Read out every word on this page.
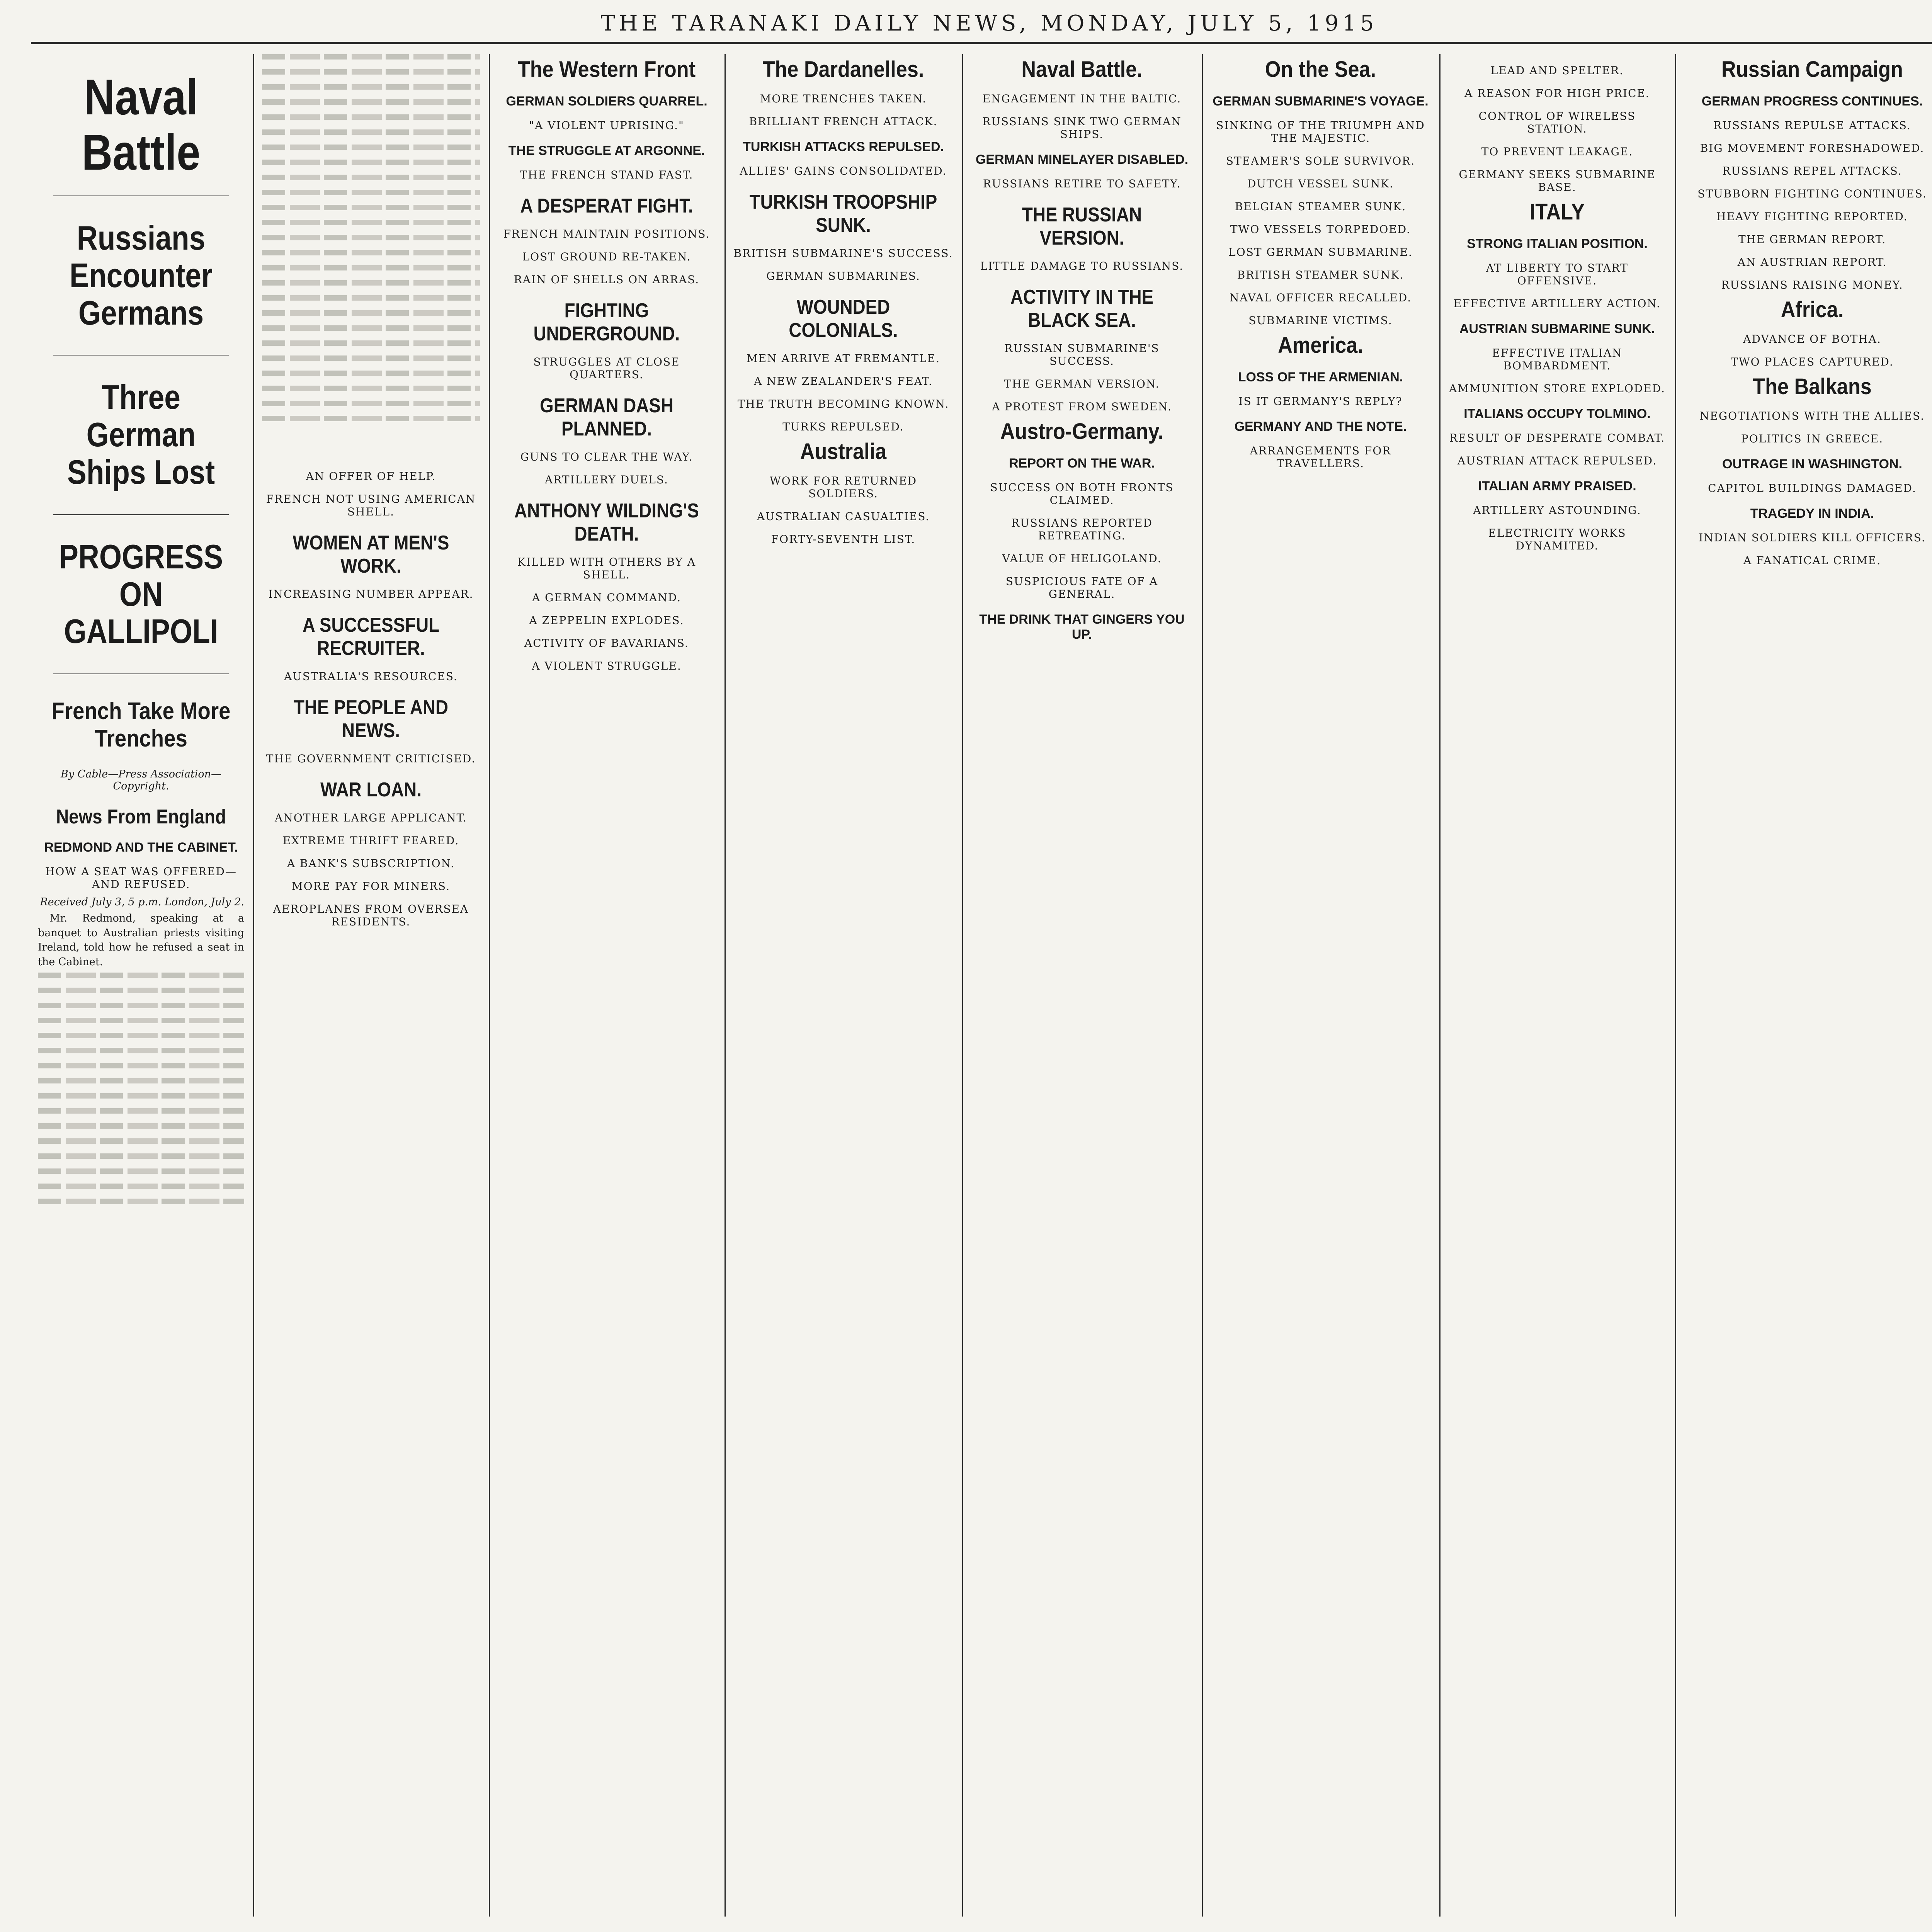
THE TARANAKI DAILY NEWS, MONDAY, JULY 5, 1915
Naval Battle
Russians Encounter Germans
Three German Ships Lost
PROGRESS ON GALLIPOLI
French Take More Trenches
By Cable—Press Association—Copyright.
News From England
REDMOND AND THE CABINET.
HOW A SEAT WAS OFFERED—AND REFUSED.
Received July 3, 5 p.m. London, July 2.
Mr. Redmond, speaking at a banquet to Australian priests visiting Ireland, told how he refused a seat in the Cabinet.
AN OFFER OF HELP.
FRENCH NOT USING AMERICAN SHELL.
WOMEN AT MEN'S WORK.
INCREASING NUMBER APPEAR.
A SUCCESSFUL RECRUITER.
AUSTRALIA'S RESOURCES.
THE PEOPLE AND NEWS.
THE GOVERNMENT CRITICISED.
WAR LOAN.
ANOTHER LARGE APPLICANT.
EXTREME THRIFT FEARED.
A BANK'S SUBSCRIPTION.
MORE PAY FOR MINERS.
AEROPLANES FROM OVERSEA RESIDENTS.
The Western Front
GERMAN SOLDIERS QUARREL.
"A VIOLENT UPRISING."
THE STRUGGLE AT ARGONNE.
THE FRENCH STAND FAST.
A DESPERAT FIGHT.
FRENCH MAINTAIN POSITIONS.
LOST GROUND RE-TAKEN.
RAIN OF SHELLS ON ARRAS.
FIGHTING UNDERGROUND.
STRUGGLES AT CLOSE QUARTERS.
GERMAN DASH PLANNED.
GUNS TO CLEAR THE WAY.
ARTILLERY DUELS.
ANTHONY WILDING'S DEATH.
KILLED WITH OTHERS BY A SHELL.
A GERMAN COMMAND.
A ZEPPELIN EXPLODES.
ACTIVITY OF BAVARIANS.
A VIOLENT STRUGGLE.
The Dardanelles.
MORE TRENCHES TAKEN.
BRILLIANT FRENCH ATTACK.
TURKISH ATTACKS REPULSED.
ALLIES' GAINS CONSOLIDATED.
TURKISH TROOPSHIP SUNK.
BRITISH SUBMARINE'S SUCCESS.
GERMAN SUBMARINES.
WOUNDED COLONIALS.
MEN ARRIVE AT FREMANTLE.
A NEW ZEALANDER'S FEAT.
THE TRUTH BECOMING KNOWN.
TURKS REPULSED.
Australia
WORK FOR RETURNED SOLDIERS.
AUSTRALIAN CASUALTIES.
FORTY-SEVENTH LIST.
Naval Battle.
ENGAGEMENT IN THE BALTIC.
RUSSIANS SINK TWO GERMAN SHIPS.
GERMAN MINELAYER DISABLED.
RUSSIANS RETIRE TO SAFETY.
THE RUSSIAN VERSION.
LITTLE DAMAGE TO RUSSIANS.
ACTIVITY IN THE BLACK SEA.
RUSSIAN SUBMARINE'S SUCCESS.
THE GERMAN VERSION.
A PROTEST FROM SWEDEN.
Austro-Germany.
REPORT ON THE WAR.
SUCCESS ON BOTH FRONTS CLAIMED.
RUSSIANS REPORTED RETREATING.
VALUE OF HELIGOLAND.
SUSPICIOUS FATE OF A GENERAL.
THE DRINK THAT GINGERS YOU UP.
On the Sea.
GERMAN SUBMARINE'S VOYAGE.
SINKING OF THE TRIUMPH AND THE MAJESTIC.
STEAMER'S SOLE SURVIVOR.
DUTCH VESSEL SUNK.
BELGIAN STEAMER SUNK.
TWO VESSELS TORPEDOED.
LOST GERMAN SUBMARINE.
BRITISH STEAMER SUNK.
NAVAL OFFICER RECALLED.
SUBMARINE VICTIMS.
America.
LOSS OF THE ARMENIAN.
IS IT GERMANY'S REPLY?
GERMANY AND THE NOTE.
ARRANGEMENTS FOR TRAVELLERS.
LEAD AND SPELTER.
A REASON FOR HIGH PRICE.
CONTROL OF WIRELESS STATION.
TO PREVENT LEAKAGE.
GERMANY SEEKS SUBMARINE BASE.
ITALY
STRONG ITALIAN POSITION.
AT LIBERTY TO START OFFENSIVE.
EFFECTIVE ARTILLERY ACTION.
AUSTRIAN SUBMARINE SUNK.
EFFECTIVE ITALIAN BOMBARDMENT.
AMMUNITION STORE EXPLODED.
ITALIANS OCCUPY TOLMINO.
RESULT OF DESPERATE COMBAT.
AUSTRIAN ATTACK REPULSED.
ITALIAN ARMY PRAISED.
ARTILLERY ASTOUNDING.
ELECTRICITY WORKS DYNAMITED.
Russian Campaign
GERMAN PROGRESS CONTINUES.
RUSSIANS REPULSE ATTACKS.
BIG MOVEMENT FORESHADOWED.
RUSSIANS REPEL ATTACKS.
STUBBORN FIGHTING CONTINUES.
HEAVY FIGHTING REPORTED.
THE GERMAN REPORT.
AN AUSTRIAN REPORT.
RUSSIANS RAISING MONEY.
Africa.
ADVANCE OF BOTHA.
TWO PLACES CAPTURED.
The Balkans
NEGOTIATIONS WITH THE ALLIES.
POLITICS IN GREECE.
OUTRAGE IN WASHINGTON.
CAPITOL BUILDINGS DAMAGED.
TRAGEDY IN INDIA.
INDIAN SOLDIERS KILL OFFICERS.
A FANATICAL CRIME.
